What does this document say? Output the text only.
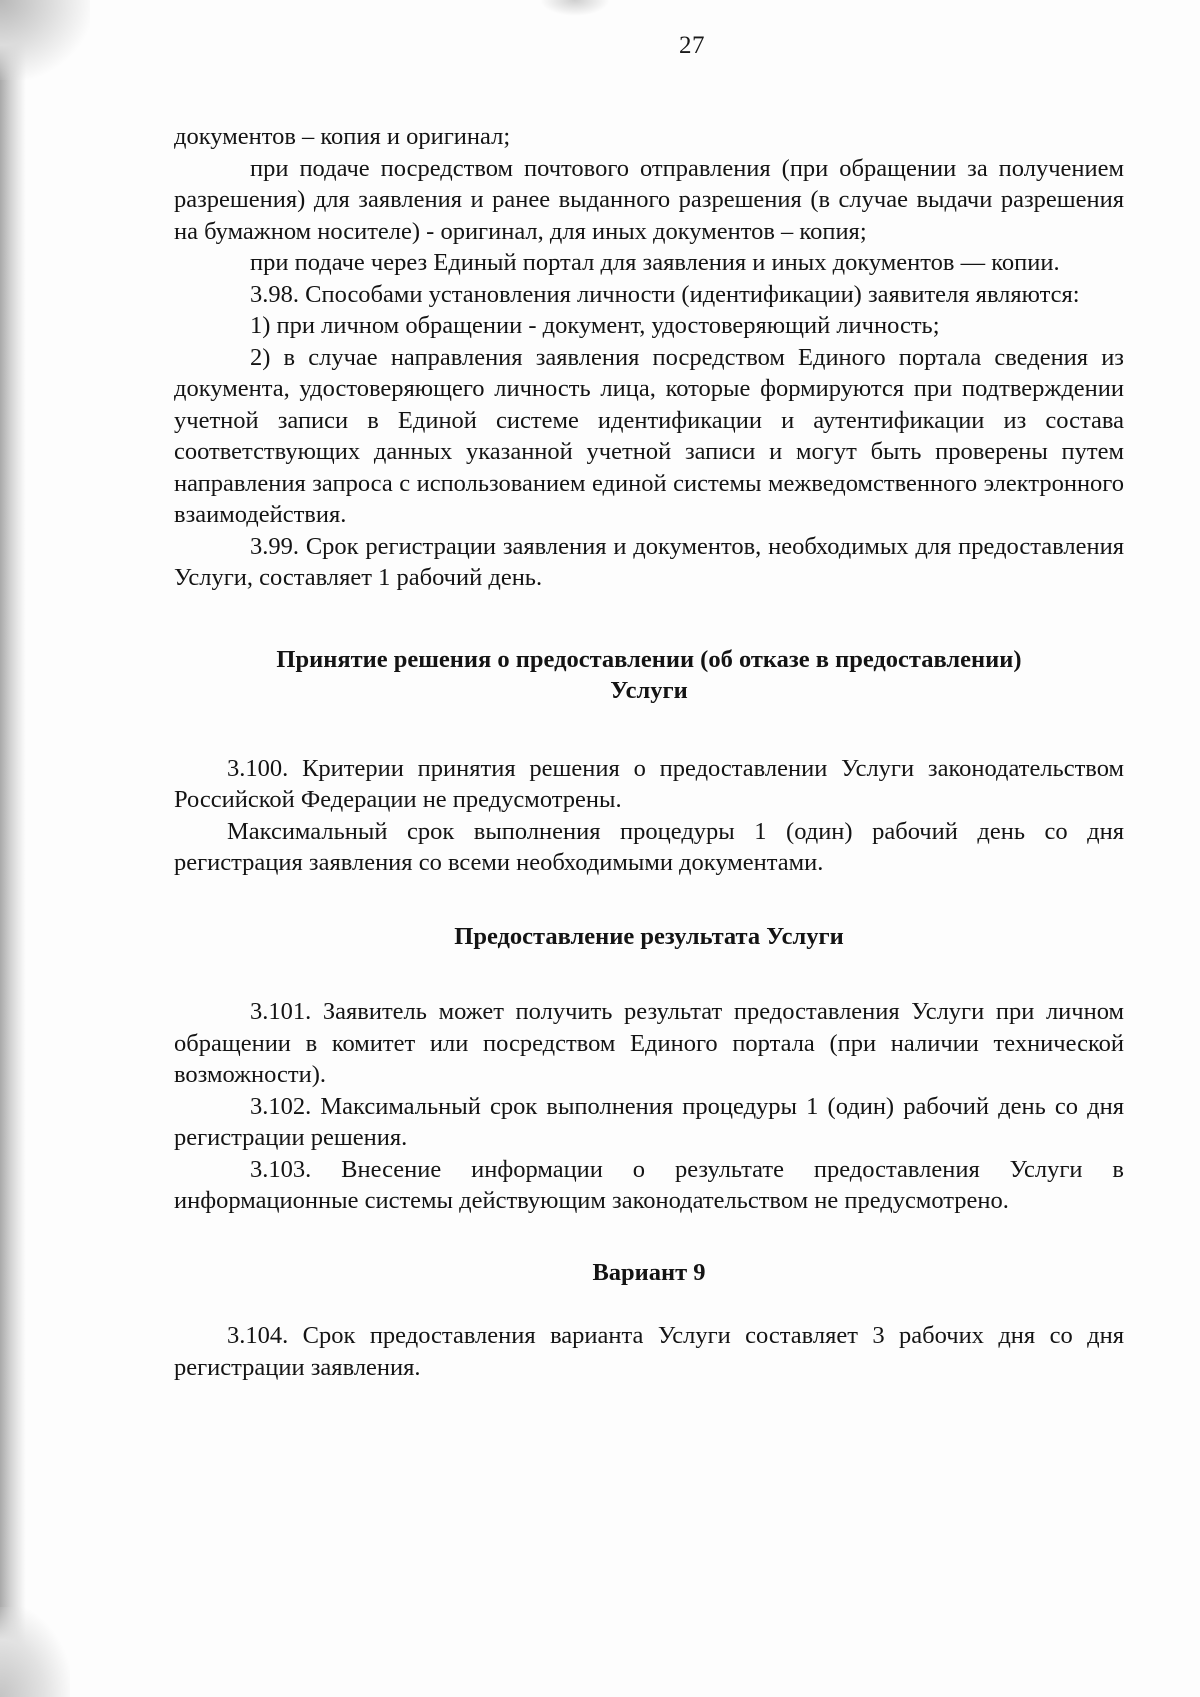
27

документов – копия и оригинал;

при подаче посредством почтового отправления (при обращении за получением разрешения) для заявления и ранее выданного разрешения (в случае выдачи разрешения на бумажном носителе) - оригинал, для иных документов – копия;

при подаче через Единый портал для заявления и иных документов — копии.

3.98. Способами установления личности (идентификации) заявителя являются:

1) при личном обращении - документ, удостоверяющий личность;

2) в случае направления заявления посредством Единого портала сведения из документа, удостоверяющего личность лица, которые формируются при подтверждении учетной записи в Единой системе идентификации и аутентификации из состава соответствующих данных указанной учетной записи и могут быть проверены путем направления запроса с использованием единой системы межведомственного электронного взаимодействия.

3.99. Срок регистрации заявления и документов, необходимых для предоставления Услуги, составляет 1 рабочий день.

Принятие решения о предоставлении (об отказе в предоставлении)
Услуги

3.100. Критерии принятия решения о предоставлении Услуги законодательством Российской Федерации не предусмотрены.

Максимальный срок выполнения процедуры 1 (один) рабочий день со дня регистрация заявления со всеми необходимыми документами.

Предоставление результата Услуги

3.101. Заявитель может получить результат предоставления Услуги при личном обращении в комитет или посредством Единого портала (при наличии технической возможности).

3.102. Максимальный срок выполнения процедуры 1 (один) рабочий день со дня регистрации решения.

3.103. Внесение информации о результате предоставления Услуги в информационные системы действующим законодательством не предусмотрено.

Вариант 9

3.104. Срок предоставления варианта Услуги составляет 3 рабочих дня со дня регистрации заявления.
